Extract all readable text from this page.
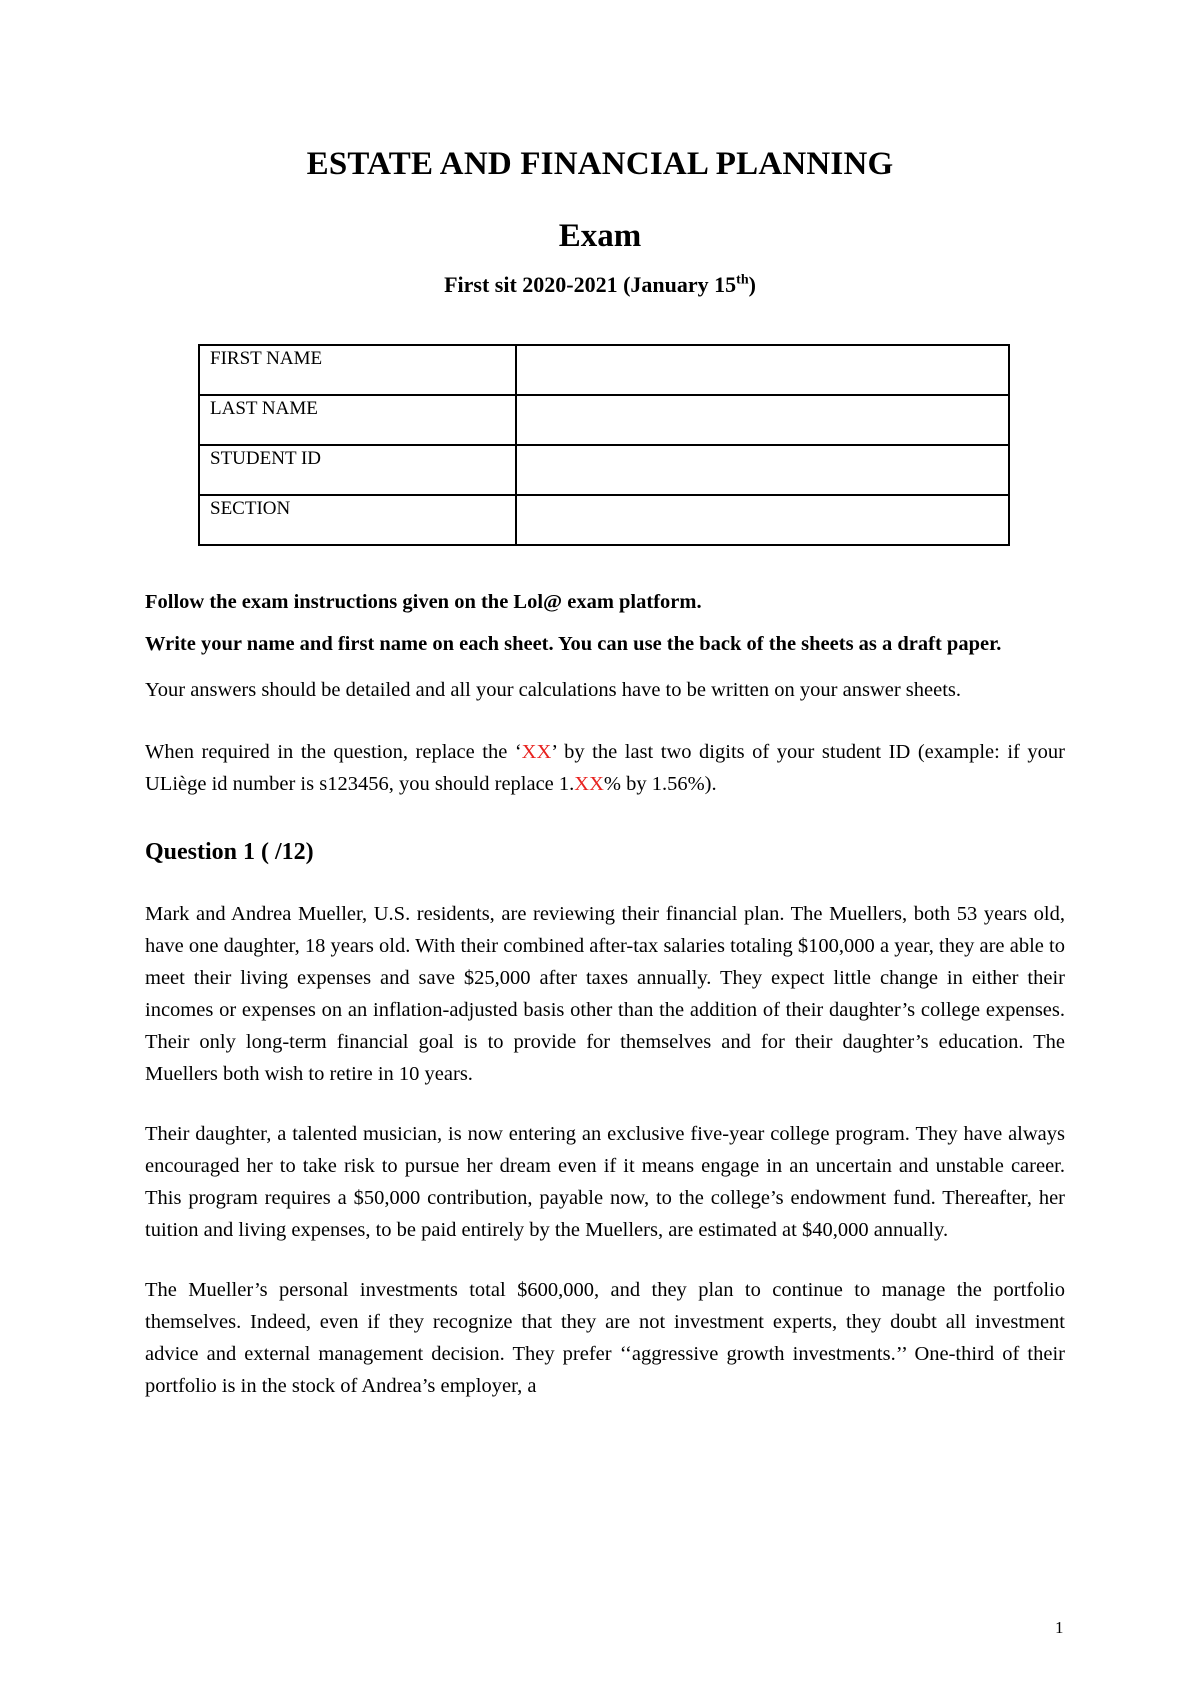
ESTATE AND FINANCIAL PLANNING
Exam

First sit 2020-2021 (January 15th)

FIRST NAME	
LAST NAME	
STUDENT ID	
SECTION	

Follow the exam instructions given on the Lol@ exam platform.

Write your name and first name on each sheet. You can use the back of the sheets as a draft paper.

Your answers should be detailed and all your calculations have to be written on your answer sheets.

When required in the question, replace the ‘XX’ by the last two digits of your student ID (example: if your ULiège id number is s123456, you should replace 1.XX% by 1.56%).

Question 1 ( /12)

Mark and Andrea Mueller, U.S. residents, are reviewing their financial plan. The Muellers, both 53 years old, have one daughter, 18 years old. With their combined after-tax salaries totaling $100,000 a year, they are able to meet their living expenses and save $25,000 after taxes annually. They expect little change in either their incomes or expenses on an inflation-adjusted basis other than the addition of their daughter’s college expenses. Their only long-term financial goal is to provide for themselves and for their daughter’s education. The Muellers both wish to retire in 10 years.

Their daughter, a talented musician, is now entering an exclusive five-year college program. They have always encouraged her to take risk to pursue her dream even if it means engage in an uncertain and unstable career. This program requires a $50,000 contribution, payable now, to the college’s endowment fund. Thereafter, her tuition and living expenses, to be paid entirely by the Muellers, are estimated at $40,000 annually.

The Mueller’s personal investments total $600,000, and they plan to continue to manage the portfolio themselves. Indeed, even if they recognize that they are not investment experts, they doubt all investment advice and external management decision. They prefer ‘‘aggressive growth investments.’’ One-third of their portfolio is in the stock of Andrea’s employer, a

1
